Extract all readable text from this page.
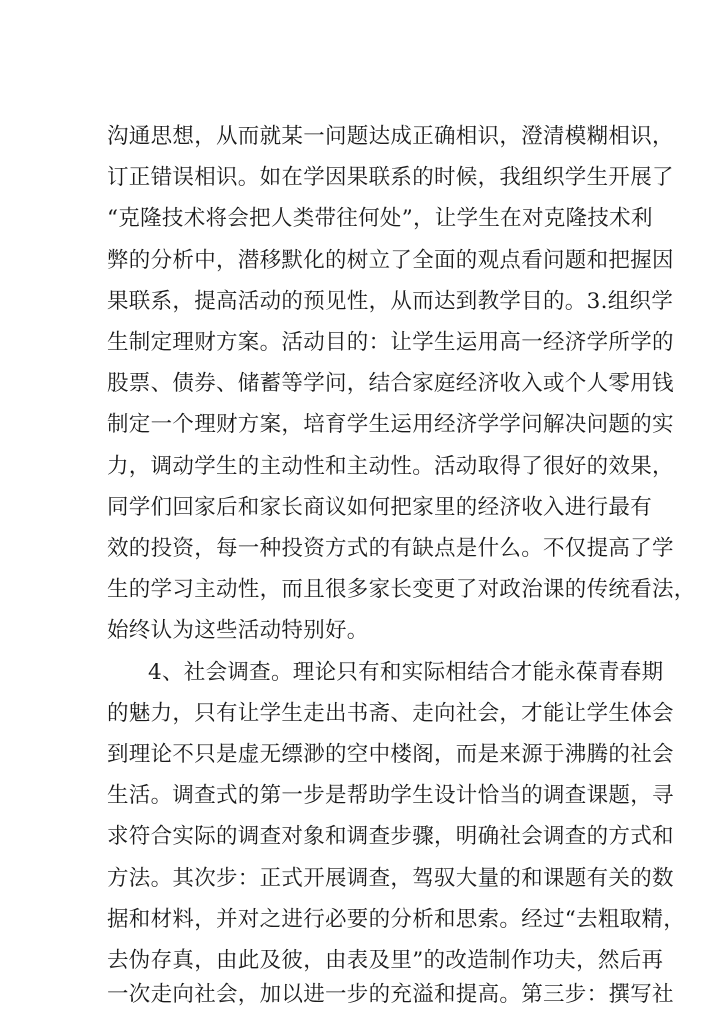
沟通思想，从而就某一问题达成正确相识，澄清模糊相识，
订正错误相识。如在学因果联系的时候，我组织学生开展了
“克隆技术将会把人类带往何处”，让学生在对克隆技术利
弊的分析中，潜移默化的树立了全面的观点看问题和把握因
果联系，提高活动的预见性，从而达到教学目的。3.组织学
生制定理财方案。活动目的：让学生运用高一经济学所学的
股票、债券、储蓄等学问，结合家庭经济收入或个人零用钱
制定一个理财方案，培育学生运用经济学学问解决问题的实
力，调动学生的主动性和主动性。活动取得了很好的效果，
同学们回家后和家长商议如何把家里的经济收入进行最有
效的投资，每一种投资方式的有缺点是什么。不仅提高了学
生的学习主动性，而且很多家长变更了对政治课的传统看法，
始终认为这些活动特别好。
4、社会调查。理论只有和实际相结合才能永葆青春期
的魅力，只有让学生走出书斋、走向社会，才能让学生体会
到理论不只是虚无缥渺的空中楼阁，而是来源于沸腾的社会
生活。调查式的第一步是帮助学生设计恰当的调查课题，寻
求符合实际的调查对象和调查步骤，明确社会调查的方式和
方法。其次步：正式开展调查，驾驭大量的和课题有关的数
据和材料，并对之进行必要的分析和思索。经过“去粗取精，
去伪存真，由此及彼，由表及里”的改造制作功夫，然后再
一次走向社会，加以进一步的充溢和提高。第三步：撰写社
